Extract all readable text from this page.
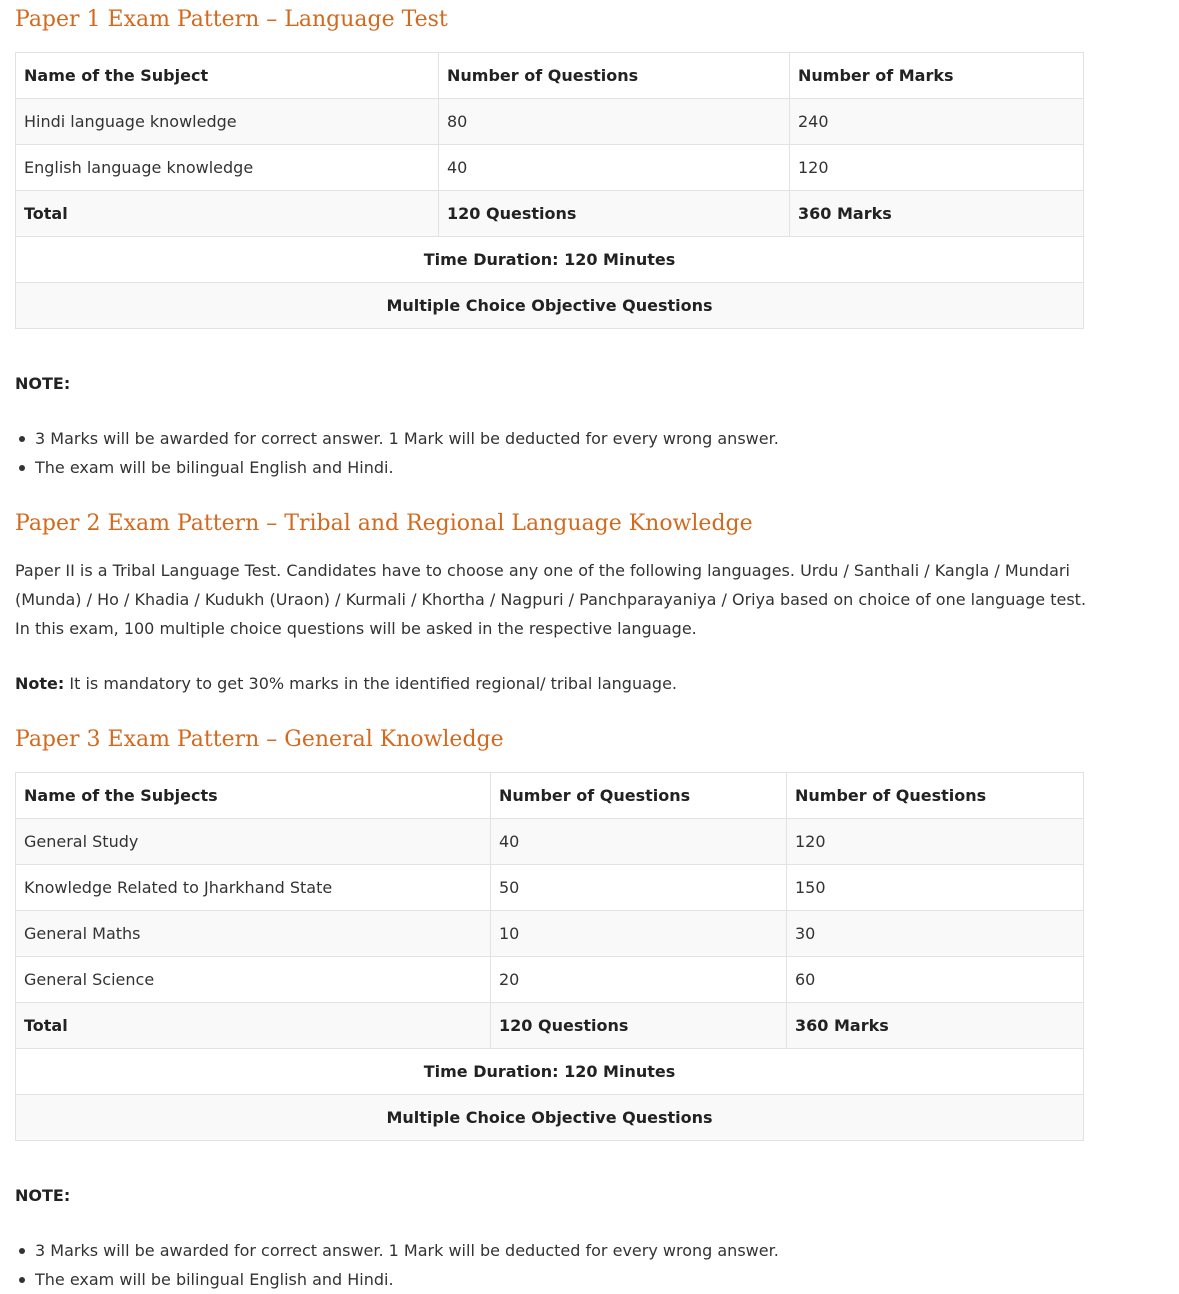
Paper 1 Exam Pattern – Language Test
Name of the Subject	Number of Questions	Number of Marks
Hindi language knowledge	80	240
English language knowledge	40	120
Total	120 Questions	360 Marks
Time Duration: 120 Minutes		
Multiple Choice Objective Questions		
NOTE:
3 Marks will be awarded for correct answer. 1 Mark will be deducted for every wrong answer.
The exam will be bilingual English and Hindi.
Paper 2 Exam Pattern – Tribal and Regional Language Knowledge

Paper II is a Tribal Language Test. Candidates have to choose any one of the following languages. Urdu / Santhali / Kangla / Mundari

(Munda) / Ho / Khadia / Kudukh (Uraon) / Kurmali / Khortha / Nagpuri / Panchparayaniya / Oriya based on choice of one language test.

In this exam, 100 multiple choice questions will be asked in the respective language.

Note: It is mandatory to get 30% marks in the identified regional/ tribal language.

Paper 3 Exam Pattern – General Knowledge
Name of the Subjects	Number of Questions	Number of Questions
General Study	40	120
Knowledge Related to Jharkhand State	50	150
General Maths	10	30
General Science	20	60
Total	120 Questions	360 Marks
Time Duration: 120 Minutes		
Multiple Choice Objective Questions		
NOTE:
3 Marks will be awarded for correct answer. 1 Mark will be deducted for every wrong answer.
The exam will be bilingual English and Hindi.
